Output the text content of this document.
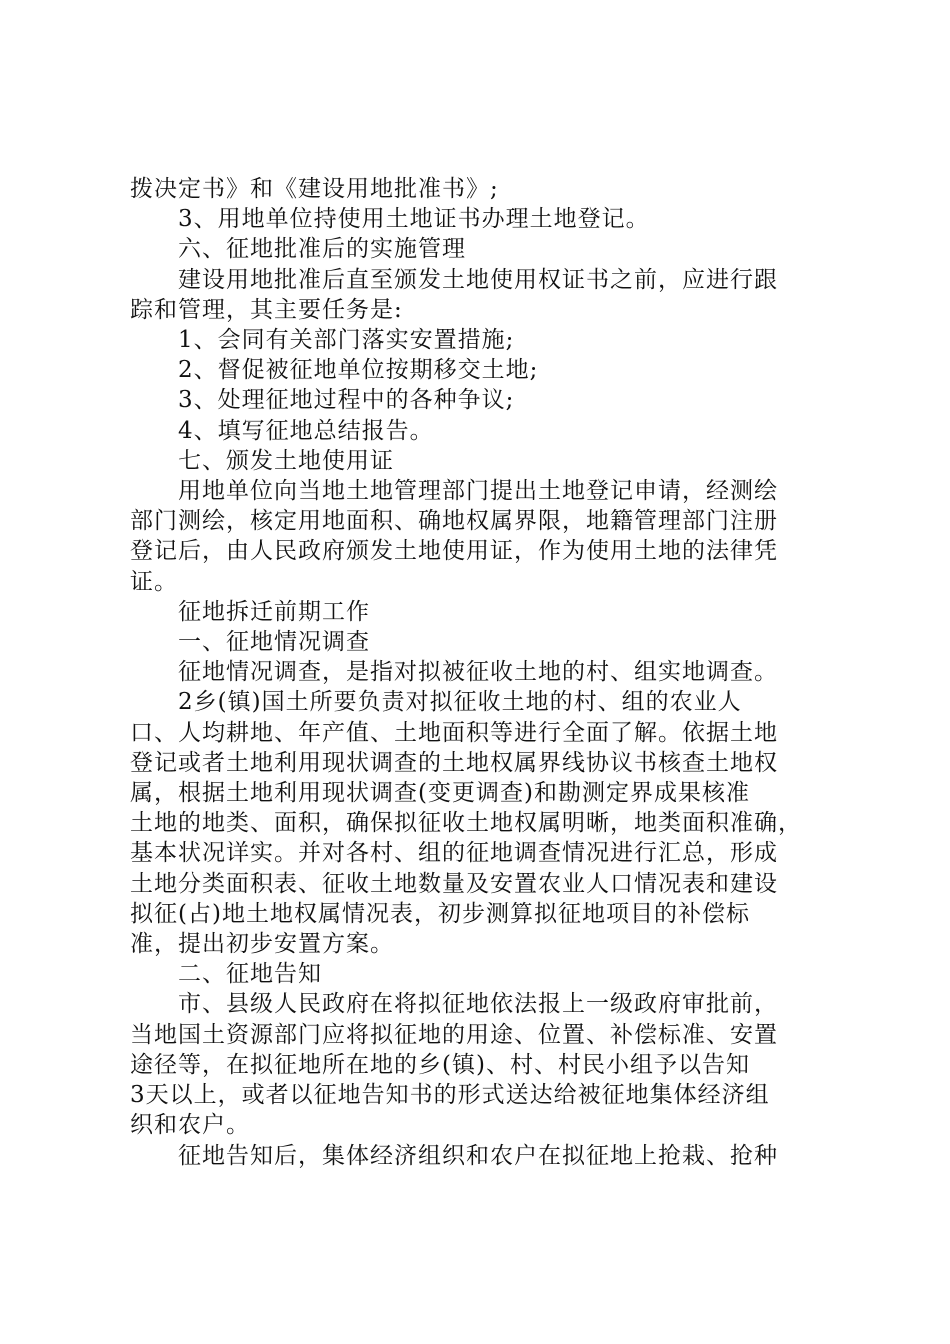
拨决定书》和《建设用地批准书》;
3、用地单位持使用土地证书办理土地登记。
六、征地批准后的实施管理
建设用地批准后直至颁发土地使用权证书之前，应进行跟
踪和管理，其主要任务是:
1、会同有关部门落实安置措施;
2、督促被征地单位按期移交土地;
3、处理征地过程中的各种争议;
4、填写征地总结报告。
七、颁发土地使用证
用地单位向当地土地管理部门提出土地登记申请，经测绘
部门测绘，核定用地面积、确地权属界限，地籍管理部门注册
登记后，由人民政府颁发土地使用证，作为使用土地的法律凭
证。
征地拆迁前期工作
一、征地情况调查
征地情况调查，是指对拟被征收土地的村、组实地调查。
2乡(镇)国土所要负责对拟征收土地的村、组的农业人
口、人均耕地、年产值、土地面积等进行全面了解。依据土地
登记或者土地利用现状调查的土地权属界线协议书核查土地权
属，根据土地利用现状调查(变更调查)和勘测定界成果核准
土地的地类、面积，确保拟征收土地权属明晰，地类面积准确，
基本状况详实。并对各村、组的征地调查情况进行汇总，形成
土地分类面积表、征收土地数量及安置农业人口情况表和建设
拟征(占)地土地权属情况表，初步测算拟征地项目的补偿标
准，提出初步安置方案。
二、征地告知
市、县级人民政府在将拟征地依法报上一级政府审批前，
当地国土资源部门应将拟征地的用途、位置、补偿标准、安置
途径等，在拟征地所在地的乡(镇)、村、村民小组予以告知
3天以上，或者以征地告知书的形式送达给被征地集体经济组
织和农户。
征地告知后，集体经济组织和农户在拟征地上抢栽、抢种
